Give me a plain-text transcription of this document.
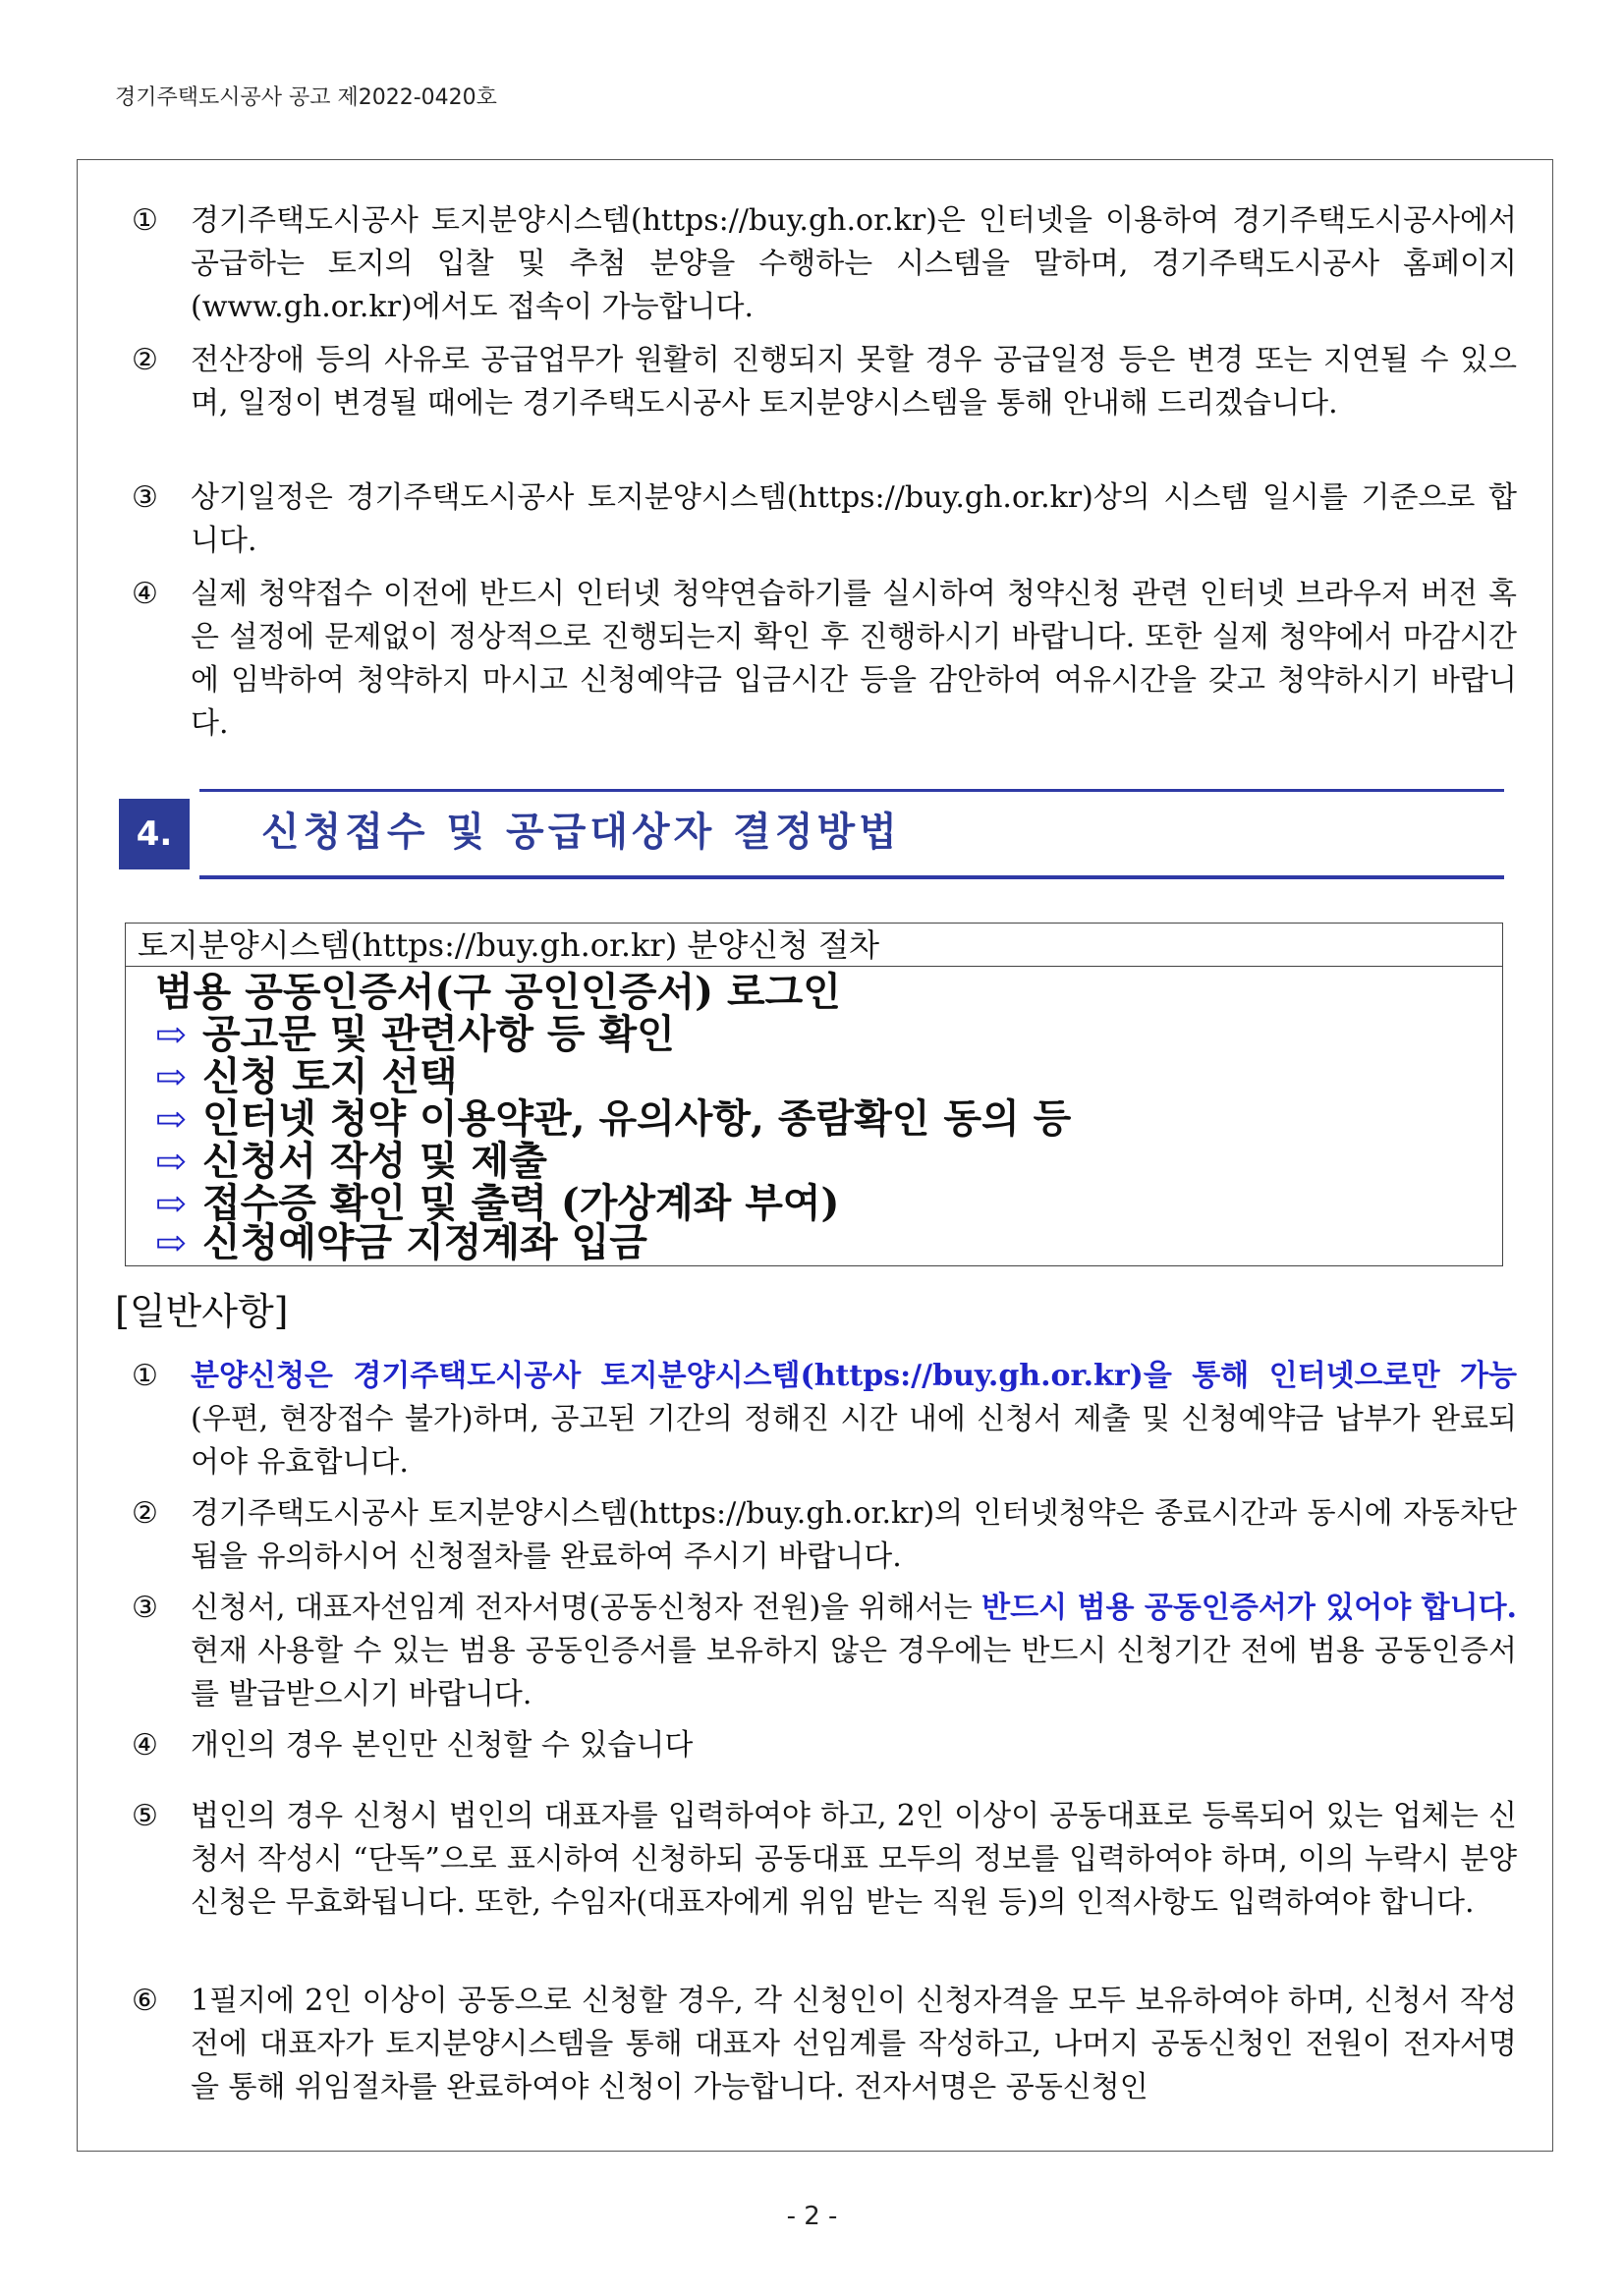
경기주택도시공사 공고 제2022-0420호
①	경기주택도시공사 토지분양시스템(https://buy.gh.or.kr)은 인터넷을 이용하여 경기주택도시공사에서 공급하는 토지의 입찰 및 추첨 분양을 수행하는 시스템을 말하며, 경기주택도시공사 홈페이지(www.gh.or.kr)에서도 접속이 가능합니다.
②	전산장애 등의 사유로 공급업무가 원활히 진행되지 못할 경우 공급일정 등은 변경 또는 지연될 수 있으며, 일정이 변경될 때에는 경기주택도시공사 토지분양시스템을 통해 안내해 드리겠습니다.
③	상기일정은 경기주택도시공사 토지분양시스템(https://buy.gh.or.kr)상의 시스템 일시를 기준으로 합니다.
④	실제 청약접수 이전에 반드시 인터넷 청약연습하기를 실시하여 청약신청 관련 인터넷 브라우저 버전 혹은 설정에 문제없이 정상적으로 진행되는지 확인 후 진행하시기 바랍니다. 또한 실제 청약에서 마감시간에 임박하여 청약하지 마시고 신청예약금 입금시간 등을 감안하여 여유시간을 갖고 청약하시기 바랍니다.
4.	신청접수 및 공급대상자 결정방법
토지분양시스템(https://buy.gh.or.kr) 분양신청 절차
범용 공동인증서(구 공인인증서) 로그인
⇨ 공고문 및 관련사항 등 확인
⇨ 신청 토지 선택
⇨ 인터넷 청약 이용약관, 유의사항, 종람확인 동의 등
⇨ 신청서 작성 및 제출
⇨ 접수증 확인 및 출력 (가상계좌 부여)
⇨ 신청예약금 지정계좌 입금
[일반사항]
①	분양신청은 경기주택도시공사 토지분양시스템(https://buy.gh.or.kr)을 통해 인터넷으로만 가능 (우편, 현장접수 불가)하며, 공고된 기간의 정해진 시간 내에 신청서 제출 및 신청예약금 납부가 완료되어야 유효합니다.
②	경기주택도시공사 토지분양시스템(https://buy.gh.or.kr)의 인터넷청약은 종료시간과 동시에 자동차단됨을 유의하시어 신청절차를 완료하여 주시기 바랍니다.
③	신청서, 대표자선임계 전자서명(공동신청자 전원)을 위해서는 반드시 범용 공동인증서가 있어야 합니다. 현재 사용할 수 있는 범용 공동인증서를 보유하지 않은 경우에는 반드시 신청기간 전에 범용 공동인증서를 발급받으시기 바랍니다.
④	개인의 경우 본인만 신청할 수 있습니다
⑤	법인의 경우 신청시 법인의 대표자를 입력하여야 하고, 2인 이상이 공동대표로 등록되어 있는 업체는 신청서 작성시 “단독”으로 표시하여 신청하되 공동대표 모두의 정보를 입력하여야 하며, 이의 누락시 분양신청은 무효화됩니다. 또한, 수임자(대표자에게 위임 받는 직원 등)의 인적사항도 입력하여야 합니다.
⑥	1필지에 2인 이상이 공동으로 신청할 경우, 각 신청인이 신청자격을 모두 보유하여야 하며, 신청서 작성 전에 대표자가 토지분양시스템을 통해 대표자 선임계를 작성하고, 나머지 공동신청인 전원이 전자서명을 통해 위임절차를 완료하여야 신청이 가능합니다. 전자서명은 공동신청인
- 2 -
